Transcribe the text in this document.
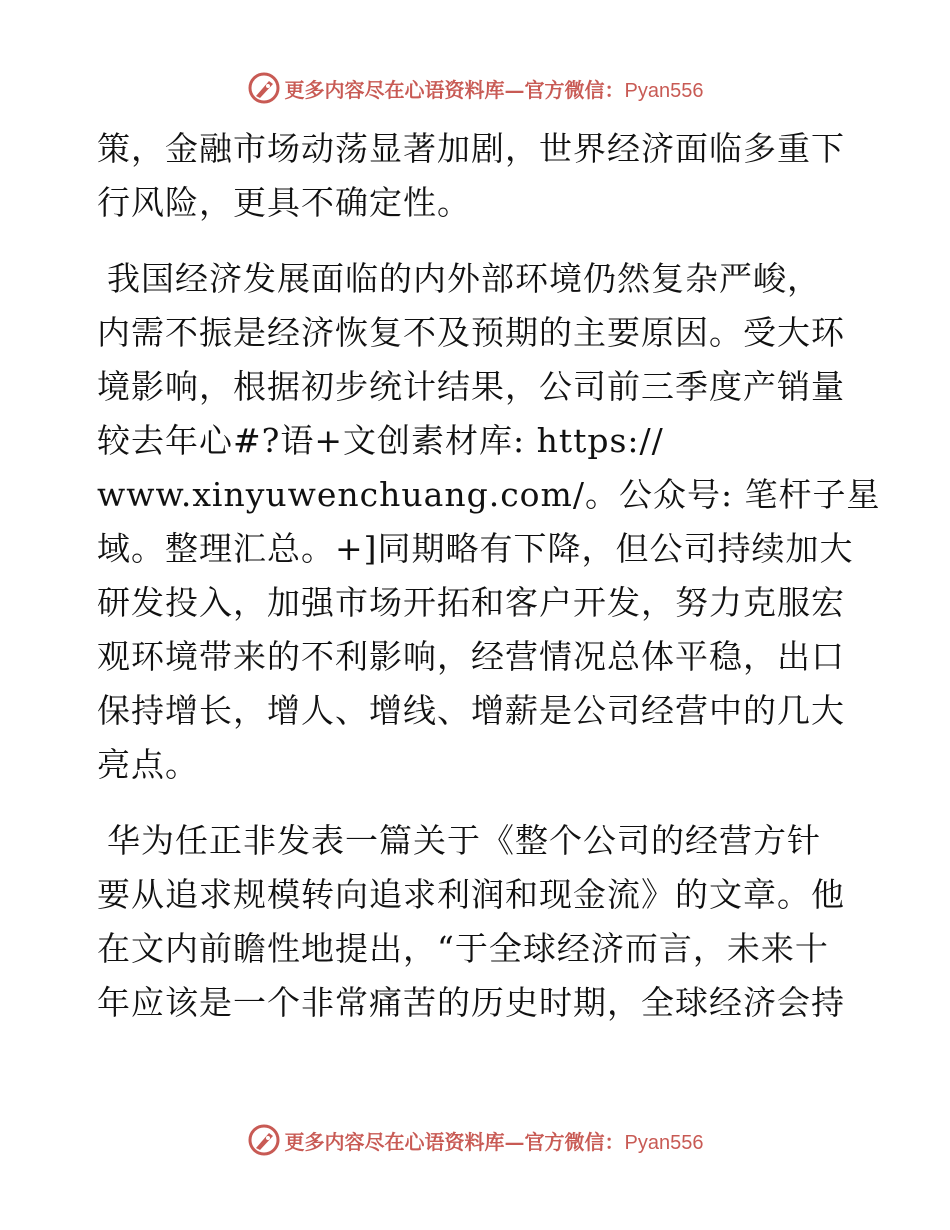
更多内容尽在心语资料库—官方微信：Pyan556
策，金融市场动荡显著加剧，世界经济面临多重下
行风险，更具不确定性。
我国经济发展面临的内外部环境仍然复杂严峻，
内需不振是经济恢复不及预期的主要原因。受大环
境影响，根据初步统计结果，公司前三季度产销量
较去年心#?语+文创素材库: https://
www.xinyuwenchuang.com/。公众号: 笔杆子星
域。整理汇总。+]同期略有下降，但公司持续加大
研发投入，加强市场开拓和客户开发，努力克服宏
观环境带来的不利影响，经营情况总体平稳，出口
保持增长，增人、增线、增薪是公司经营中的几大
亮点。
华为任正非发表一篇关于《整个公司的经营方针
要从追求规模转向追求利润和现金流》的文章。他
在文内前瞻性地提出，“于全球经济而言，未来十
年应该是一个非常痛苦的历史时期，全球经济会持
更多内容尽在心语资料库—官方微信：Pyan556
